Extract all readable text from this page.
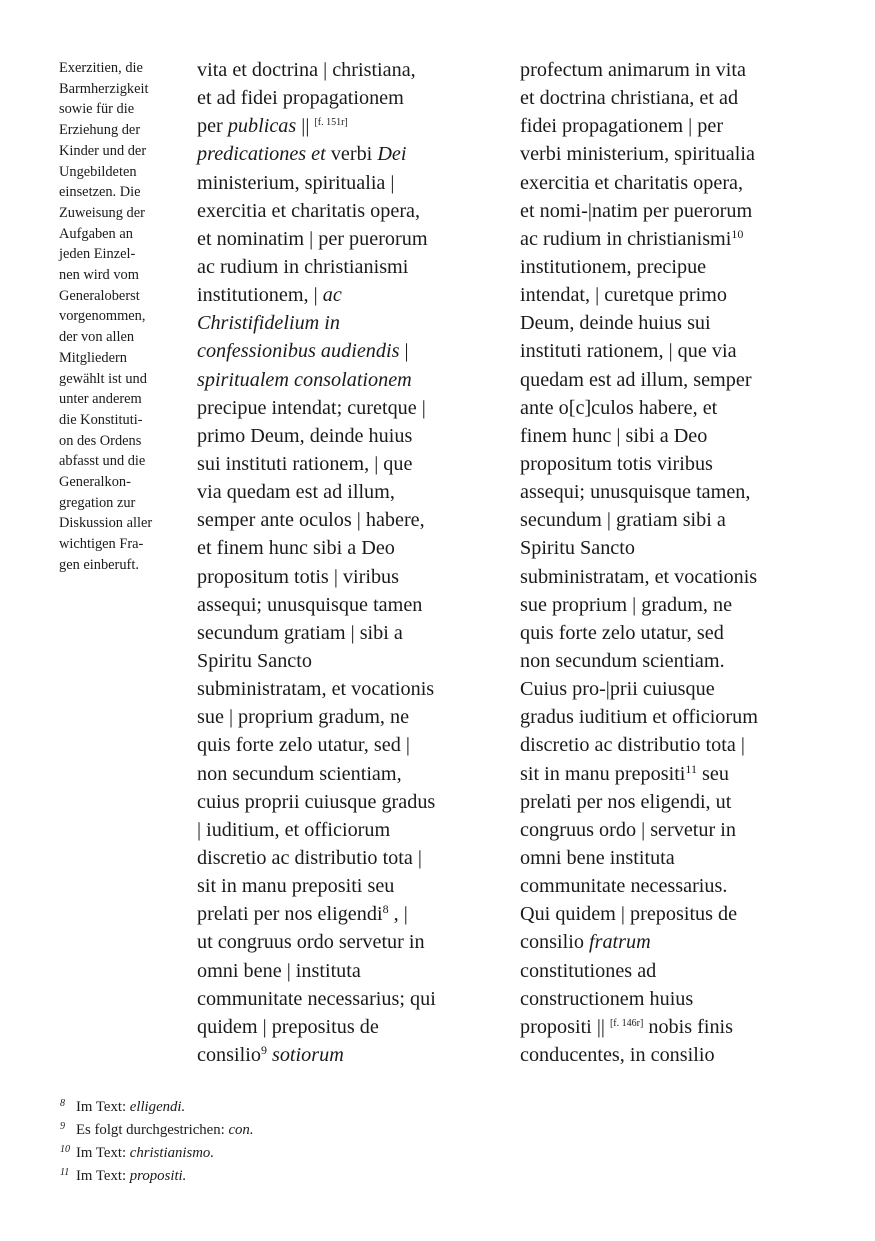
Exerzitien, die
Barmherzigkeit
sowie für die
Erziehung der
Kinder und der
Ungebildeten
einsetzen. Die
Zuweisung der
Aufgaben an
jeden Einzel-
nen wird vom
Generaloberst
vorgenommen,
der von allen
Mitgliedern
gewählt ist und
unter anderem
die Konstituti-
on des Ordens
abfasst und die
Generalkon-
gregation zur
Diskussion aller
wichtigen Fra-
gen einberuft.
vita et doctrina | christiana,
et ad fidei propagationem
per publicas || [f. 151r]
predicationes et verbi Dei
ministerium, spiritualia |
exercitia et charitatis opera,
et nominatim | per puerorum
ac rudium in christianismi
institutionem, | ac
Christifidelium in
confessionibus audiendis |
spiritualem consolationem
precipue intendat; curetque |
primo Deum, deinde huius
sui instituti rationem, | que
via quedam est ad illum,
semper ante oculos | habere,
et finem hunc sibi a Deo
propositum totis | viribus
assequi; unusquisque tamen
secundum gratiam | sibi a
Spiritu Sancto
subministratam, et vocationis
sue | proprium gradum, ne
quis forte zelo utatur, sed |
non secundum scientiam,
cuius proprii cuiusque gradus
| iuditium, et officiorum
discretio ac distributio tota |
sit in manu prepositi seu
prelati per nos eligendi$^8$ , |
ut congruus ordo servetur in
omni bene | instituta
communitate necessarius; qui
quidem | prepositus de
consilio$^9$ sotiorum
profectum animarum in vita
et doctrina christiana, et ad
fidei propagationem | per
verbi ministerium, spiritualia
exercitia et charitatis opera,
et nomi-|natim per puerorum
ac rudium in christianismi$^{10}$
institutionem, precipue
intendat, | curetque primo
Deum, deinde huius sui
instituti rationem, | que via
quedam est ad illum, semper
ante o[c]culos habere, et
finem hunc | sibi a Deo
propositum totis viribus
assequi; unusquisque tamen,
secundum | gratiam sibi a
Spiritu Sancto
subministratam, et vocationis
sue proprium | gradum, ne
quis forte zelo utatur, sed
non secundum scientiam.
Cuius pro-|prii cuiusque
gradus iuditium et officiorum
discretio ac distributio tota |
sit in manu prepositi$^{11}$ seu
prelati per nos eligendi, ut
congruus ordo | servetur in
omni bene instituta
communitate necessarius.
Qui quidem | prepositus de
consilio fratrum
constitutiones ad
constructionem huius
propositi || [f. 146r] nobis finis
conducentes, in consilio
8 Im Text: elligendi.
9 Es folgt durchgestrichen: con.
10 Im Text: christianismo.
11 Im Text: propositi.
